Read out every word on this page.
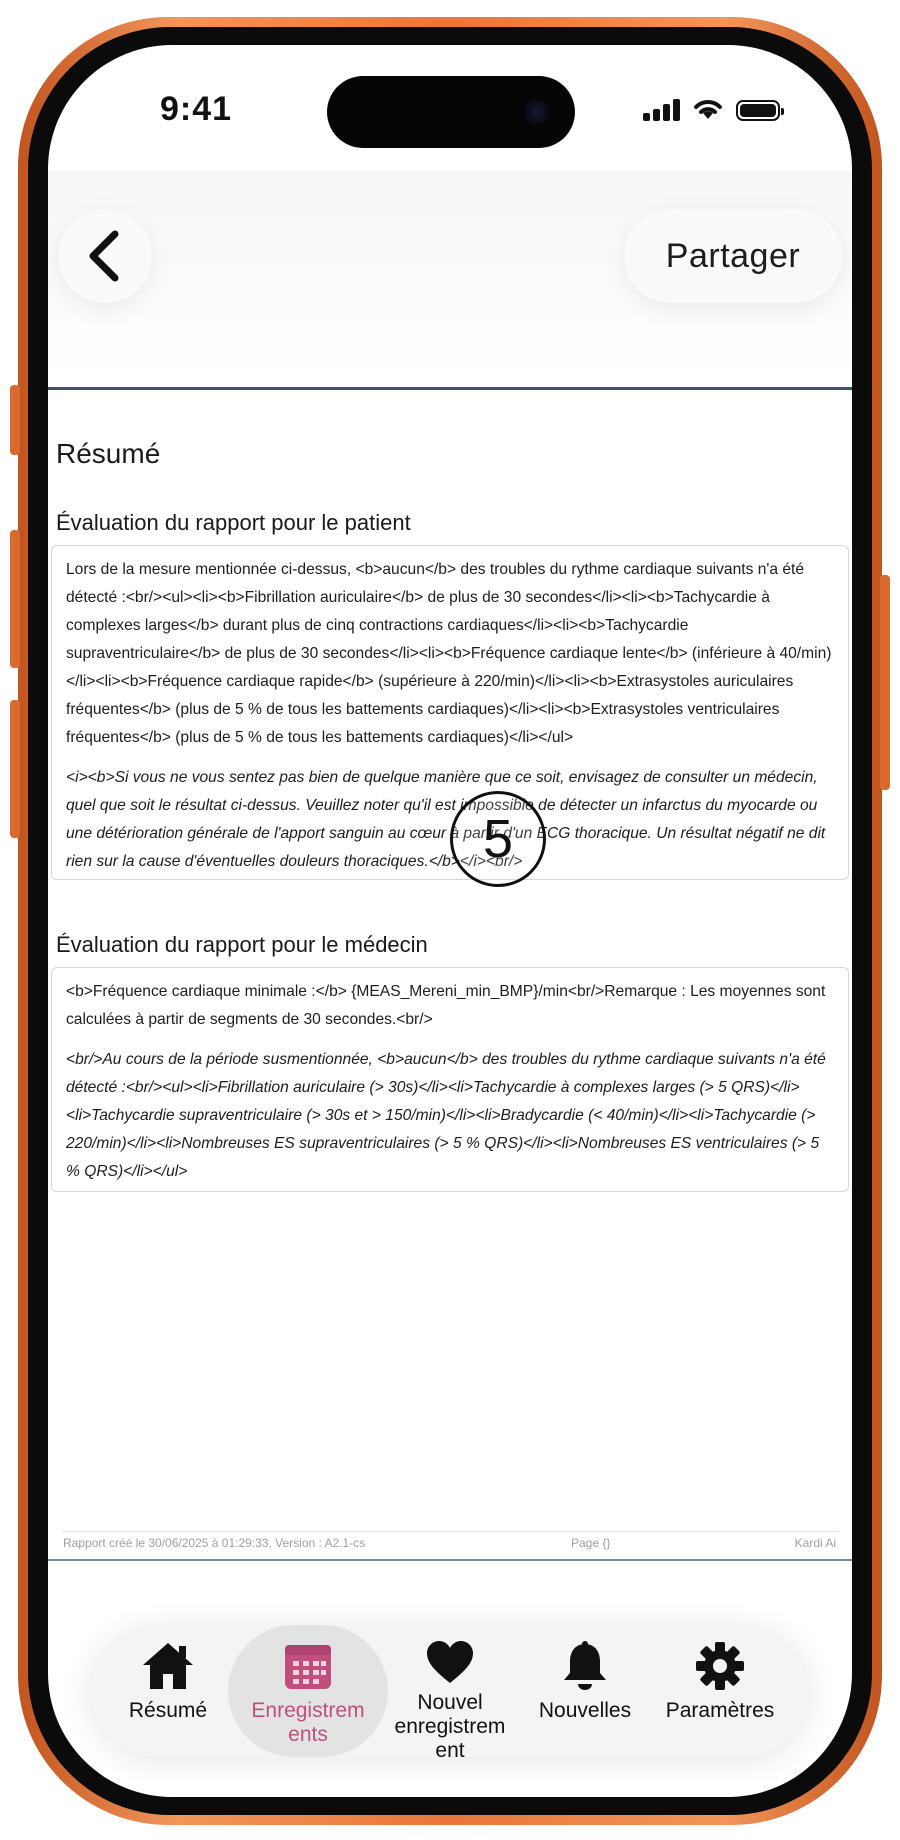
9:41
Partager
Résumé
Évaluation du rapport pour le patient

Lors de la mesure mentionnée ci-dessus, <b>aucun</b> des troubles du rythme cardiaque suivants n'a été détecté :<br/><ul><li><b>Fibrillation auriculaire</b> de plus de 30 secondes</li><li><b>Tachycardie à complexes larges</b> durant plus de cinq contractions cardiaques</li><li><b>Tachycardie supraventriculaire</b> de plus de 30 secondes</li><li><b>Fréquence cardiaque lente</b> (inférieure à 40/min)</li><li><b>Fréquence cardiaque rapide</b> (supérieure à 220/min)</li><li><b>Extrasystoles auriculaires fréquentes</b> (plus de 5 % de tous les battements cardiaques)</li><li><b>Extrasystoles ventriculaires fréquentes</b> (plus de 5 % de tous les battements cardiaques)</li></ul>

<i><b>Si vous ne vous sentez pas bien de quelque manière que ce soit, envisagez de consulter un médecin, quel que soit le résultat ci-dessus. Veuillez noter qu'il est impossible de détecter un infarctus du myocarde ou une détérioration générale de l'apport sanguin au cœur à partir d'un ECG thoracique. Un résultat négatif ne dit rien sur la cause d'éventuelles douleurs thoraciques.</b></i><br/>

5
Évaluation du rapport pour le médecin

<b>Fréquence cardiaque minimale :</b> {MEAS_Mereni_min_BMP}/min<br/>Remarque : Les moyennes sont calculées à partir de segments de 30 secondes.<br/>

<br/>Au cours de la période susmentionnée, <b>aucun</b> des troubles du rythme cardiaque suivants n'a été détecté :<br/><ul><li>Fibrillation auriculaire (> 30s)</li><li>Tachycardie à complexes larges (> 5 QRS)</li><li>Tachycardie supraventriculaire (> 30s et > 150/min)</li><li>Bradycardie (< 40/min)</li><li>Tachycardie (> 220/min)</li><li>Nombreuses ES supraventriculaires (> 5 % QRS)</li><li>Nombreuses ES ventriculaires (> 5 % QRS)</li></ul>

Rapport créé le 30/06/2025 à 01:29:33, Version : A2.1-cs	Page {}	Kardi Ai
Résumé	Enregistrem
ents
Nouvel
enregistrem
ent
Nouvelles	Paramètres
